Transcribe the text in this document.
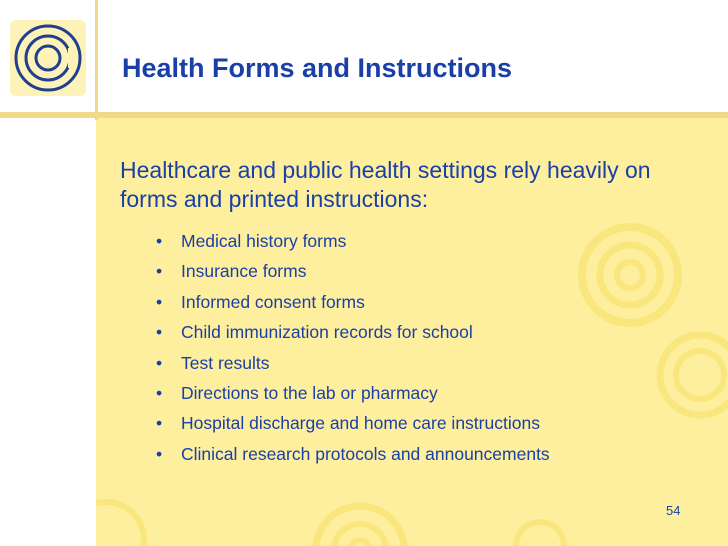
Health Forms and Instructions

Healthcare and public health settings rely heavily on forms and printed instructions:

• Medical history forms
• Insurance forms
• Informed consent forms
• Child immunization records for school
• Test results
• Directions to the lab or pharmacy
• Hospital discharge and home care instructions
• Clinical research protocols and announcements
54
